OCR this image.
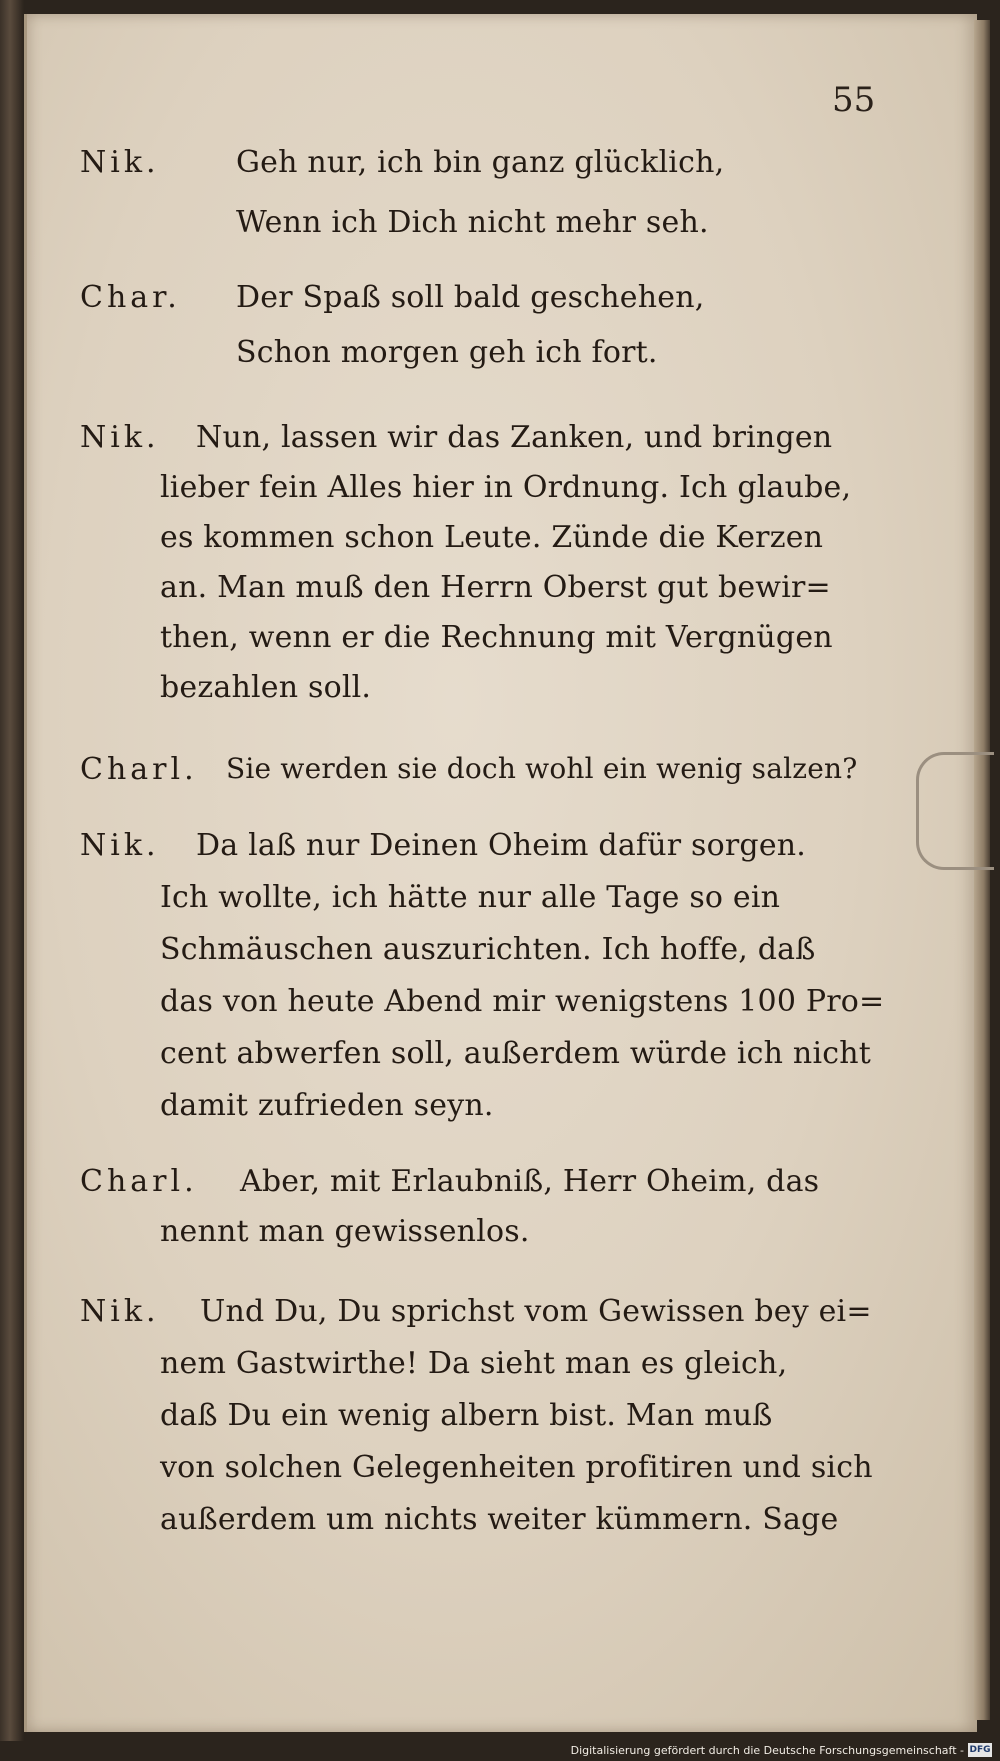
55
Nik.	Geh nur, ich bin ganz glücklich,
Wenn ich Dich nicht mehr seh.
Char. Der Spaß soll bald geschehen,
Schon morgen geh ich fort.
Nik. Nun, lassen wir das Zanken, und bringen
lieber fein Alles hier in Ordnung. Ich glaube,
es kommen schon Leute. Zünde die Kerzen
an. Man muß den Herrn Oberst gut bewir=
then, wenn er die Rechnung mit Vergnügen
bezahlen soll.
Charl. Sie werden sie doch wohl ein wenig salzen?
Nik. Da laß nur Deinen Oheim dafür sorgen.
Ich wollte, ich hätte nur alle Tage so ein
Schmäuschen auszurichten. Ich hoffe, daß
das von heute Abend mir wenigstens 100 Pro=
cent abwerfen soll, außerdem würde ich nicht
damit zufrieden seyn.
Charl. Aber, mit Erlaubniß, Herr Oheim, das
nennt man gewissenlos.
Nik. Und Du, Du sprichst vom Gewissen bey ei=
nem Gastwirthe! Da sieht man es gleich,
daß Du ein wenig albern bist. Man muß
von solchen Gelegenheiten profitiren und sich
außerdem um nichts weiter kümmern. Sage
Digitalisierung gefördert durch die Deutsche Forschungsgemeinschaft - DFG
